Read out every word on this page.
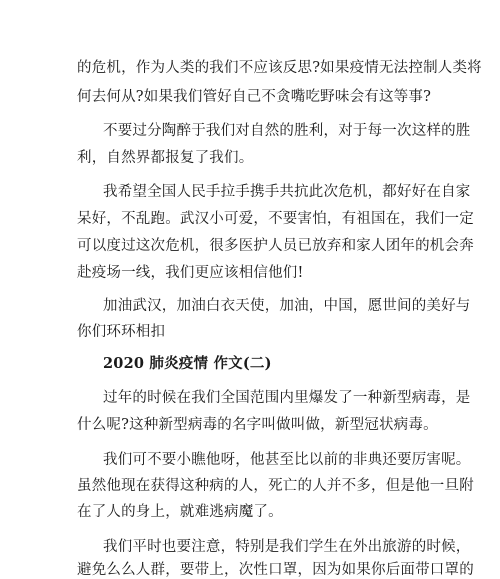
的危机，作为人类的我们不应该反思?如果疫情无法控制人类将
何去何从?如果我们管好自己不贪嘴吃野味会有这等事?
不要过分陶醉于我们对自然的胜利，对于每一次这样的胜
利，自然界都报复了我们。
我希望全国人民手拉手携手共抗此次危机，都好好在自家
呆好，不乱跑。武汉小可爱，不要害怕，有祖国在，我们一定
可以度过这次危机，很多医护人员已放弃和家人团年的机会奔
赴疫场一线，我们更应该相信他们!
加油武汉，加油白衣天使，加油，中国，愿世间的美好与
你们环环相扣
2020 肺炎疫情 作文(二)
过年的时候在我们全国范围内里爆发了一种新型病毒，是
什么呢?这种新型病毒的名字叫做叫做，新型冠状病毒。
我们可不要小瞧他呀，他甚至比以前的非典还要厉害呢。
虽然他现在获得这种病的人，死亡的人并不多，但是他一旦附
在了人的身上，就难逃病魔了。
我们平时也要注意，特别是我们学生在外出旅游的时候，
避免么么人群，要带上，次性口罩，因为如果你后面带口罩的
